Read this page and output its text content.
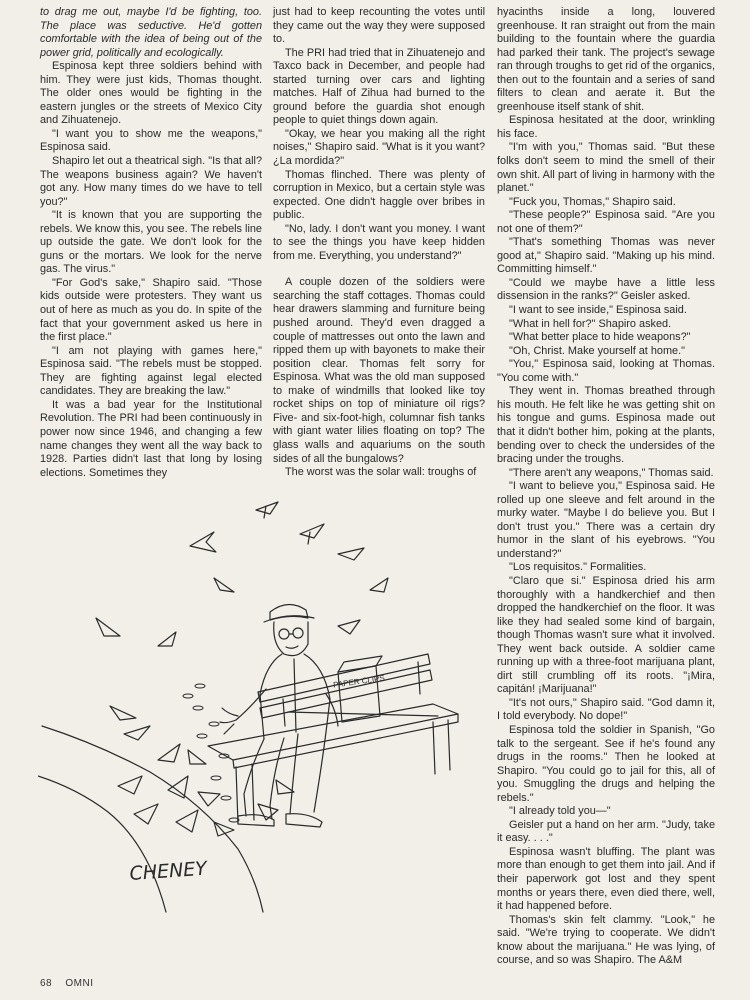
to drag me out, maybe I'd be fighting, too. The place was seductive. He'd gotten comfortable with the idea of being out of the power grid, politically and ecologically.

Espinosa kept three soldiers behind with him. They were just kids, Thomas thought. The older ones would be fighting in the eastern jungles or the streets of Mexico City and Zihuatenejo.

"I want you to show me the weapons," Espinosa said.

Shapiro let out a theatrical sigh. "Is that all? The weapons business again? We haven't got any. How many times do we have to tell you?"

"It is known that you are supporting the rebels. We know this, you see. The rebels line up outside the gate. We don't look for the guns or the mortars. We look for the nerve gas. The virus."

"For God's sake," Shapiro said. "Those kids outside were protesters. They want us out of here as much as you do. In spite of the fact that your government asked us here in the first place."

"I am not playing with games here," Espinosa said. "The rebels must be stopped. They are fighting against legal elected candidates. They are breaking the law."

It was a bad year for the Institutional Revolution. The PRI had been continuously in power now since 1946, and changing a few name changes they went all the way back to 1928. Parties didn't last that long by losing elections. Sometimes they

just had to keep recounting the votes until they came out the way they were supposed to.

The PRI had tried that in Zihuatenejo and Taxco back in December, and people had started turning over cars and lighting matches. Half of Zihua had burned to the ground before the guardia shot enough people to quiet things down again.

"Okay, we hear you making all the right noises," Shapiro said. "What is it you want? ¿La mordida?"

Thomas flinched. There was plenty of corruption in Mexico, but a certain style was expected. One didn't haggle over bribes in public.

"No, lady. I don't want you money. I want to see the things you have keep hidden from me. Everything, you understand?"

A couple dozen of the soldiers were searching the staff cottages. Thomas could hear drawers slamming and furniture being pushed around. They'd even dragged a couple of mattresses out onto the lawn and ripped them up with bayonets to make their position clear. Thomas felt sorry for Espinosa. What was the old man supposed to make of windmills that looked like toy rocket ships on top of miniature oil rigs? Five- and six-foot-high, columnar fish tanks with giant water lilies floating on top? The glass walls and aquariums on the south sides of all the bungalows?

The worst was the solar wall: troughs of

hyacinths inside a long, louvered greenhouse. It ran straight out from the main building to the fountain where the guardia had parked their tank. The project's sewage ran through troughs to get rid of the organics, then out to the fountain and a series of sand filters to clean and aerate it. But the greenhouse itself stank of shit.

Espinosa hesitated at the door, wrinkling his face.

"I'm with you," Thomas said. "But these folks don't seem to mind the smell of their own shit. All part of living in harmony with the planet."

"Fuck you, Thomas," Shapiro said.

"These people?" Espinosa said. "Are you not one of them?"

"That's something Thomas was never good at," Shapiro said. "Making up his mind. Committing himself."

"Could we maybe have a little less dissension in the ranks?" Geisler asked.

"I want to see inside," Espinosa said.

"What in hell for?" Shapiro asked.

"What better place to hide weapons?"

"Oh, Christ. Make yourself at home."

"You," Espinosa said, looking at Thomas. "You come with."

They went in. Thomas breathed through his mouth. He felt like he was getting shit on his tongue and gums. Espinosa made out that it didn't bother him, poking at the plants, bending over to check the undersides of the bracing under the troughs.

"There aren't any weapons," Thomas said.

"I want to believe you," Espinosa said. He rolled up one sleeve and felt around in the murky water. "Maybe I do believe you. But I don't trust you." There was a certain dry humor in the slant of his eyebrows. "You understand?"

"Los requisitos." Formalities.

"Claro que si." Espinosa dried his arm thoroughly with a handkerchief and then dropped the handkerchief on the floor. It was like they had sealed some kind of bargain, though Thomas wasn't sure what it involved. They went back outside. A soldier came running up with a three-foot marijuana plant, dirt still crumbling off its roots. "¡Mira, capitán! ¡Marijuana!"

"It's not ours," Shapiro said. "God damn it, I told everybody. No dope!"

Espinosa told the soldier in Spanish, "Go talk to the sergeant. See if he's found any drugs in the rooms." Then he looked at Shapiro. "You could go to jail for this, all of you. Smuggling the drugs and helping the rebels."

"I already told you—"

Geisler put a hand on her arm. "Judy, take it easy. . . ."

Espinosa wasn't bluffing. The plant was more than enough to get them into jail. And if their paperwork got lost and they spent months or years there, even died there, well, it had happened before.

Thomas's skin felt clammy. "Look," he said. "We're trying to cooperate. We didn't know about the marijuana." He was lying, of course, and so was Shapiro. The A&M

PAPER CLIPS
CHENEY
68 OMNI
